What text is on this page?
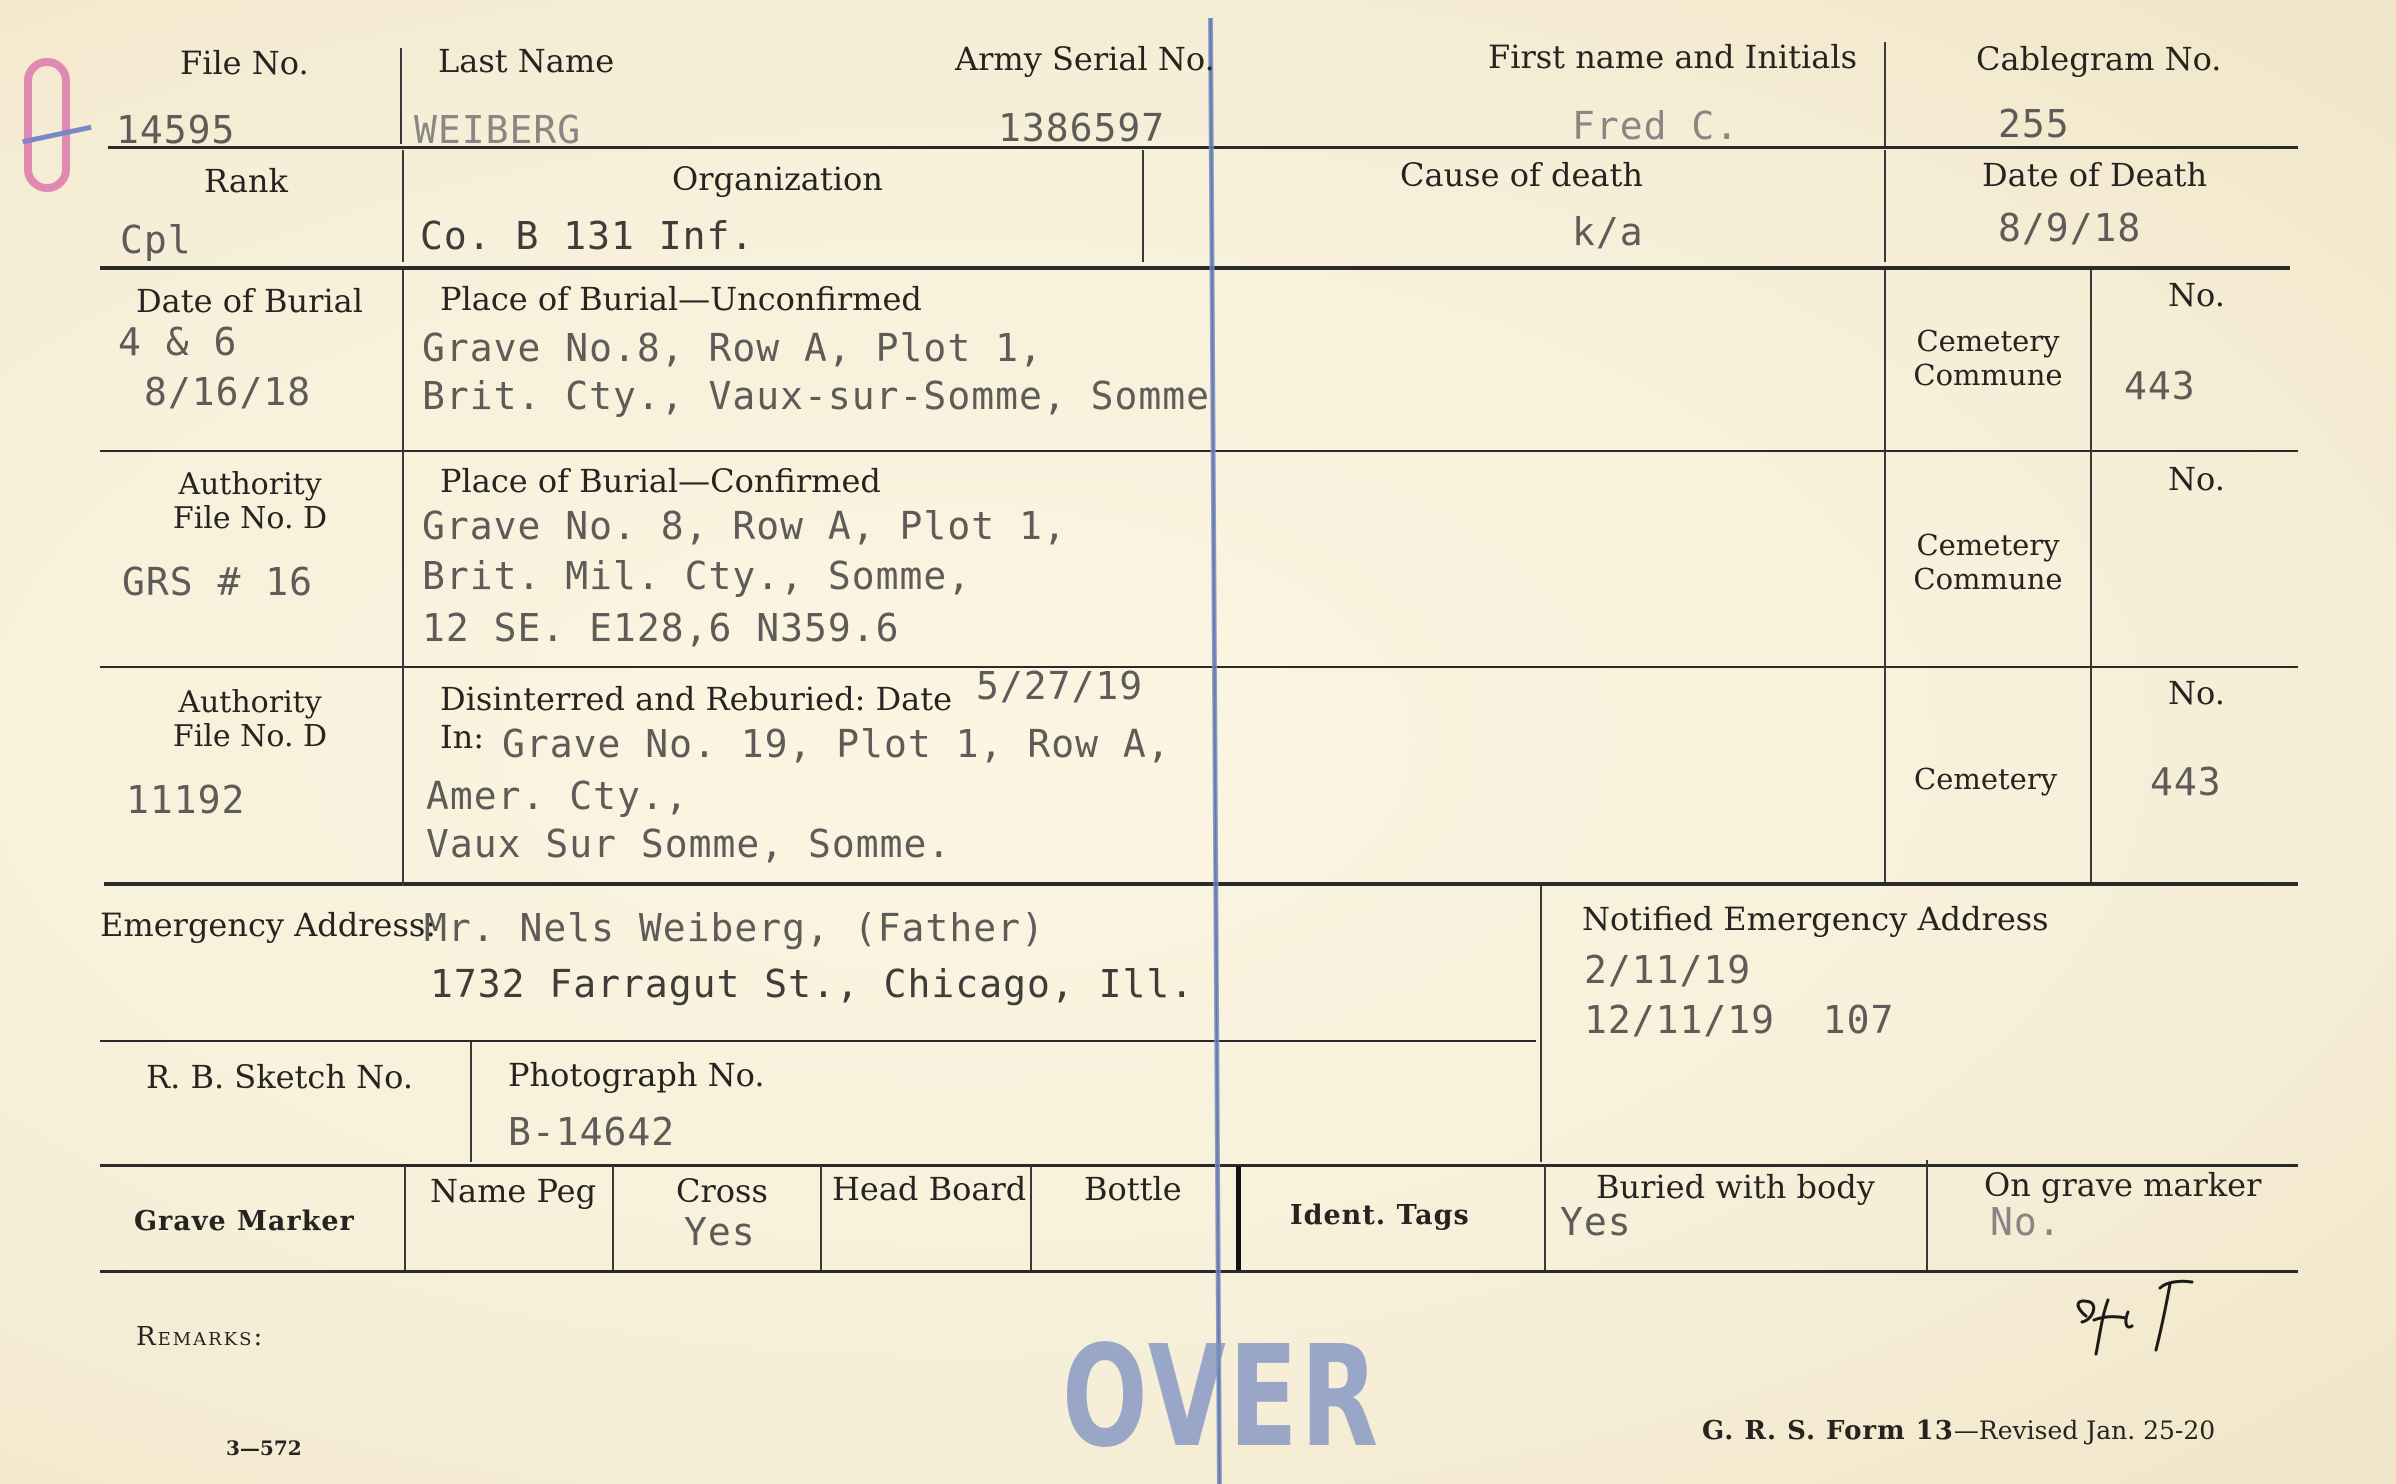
File No.
14595
Last Name
WEIBERG
Army Serial No.
1386597
First name and Initials
Fred C.
Cablegram No.
255
Rank
Cpl
Organization
Co. B 131 Inf.
Cause of death
k/a
Date of Death
8/9/18
Date of Burial
4 & 6
8/16/18
Place of Burial—Unconfirmed
Grave No.8, Row A, Plot 1,
Brit. Cty., Vaux-sur-Somme, Somme
Cemetery Commune
No.
443
Authority File No. D
GRS # 16
Place of Burial—Confirmed
Grave No. 8, Row A, Plot 1,
Brit. Mil. Cty., Somme,
12 SE. E128,6 N359.6
Cemetery Commune
No.
Authority File No. D
11192
Disinterred and Reburied: Date 5/27/19
In: Grave No. 19, Plot 1, Row A,
Amer. Cty.,
Vaux Sur Somme, Somme.
Cemetery
No.
443
Emergency Address:
Mr. Nels Weiberg, (Father)
1732 Farragut St., Chicago, Ill.
Notified Emergency Address
2/11/19
12/11/19  107
R. B. Sketch No.	Photograph No.
B-14642
Grave Marker
Name Peg Cross
Yes
Head Board Bottle
Ident. Tags
Buried with body
Yes
On grave marker
No.
Remarks:	OVER
3—572
G. R. S. Form 13—Revised Jan. 25-20
